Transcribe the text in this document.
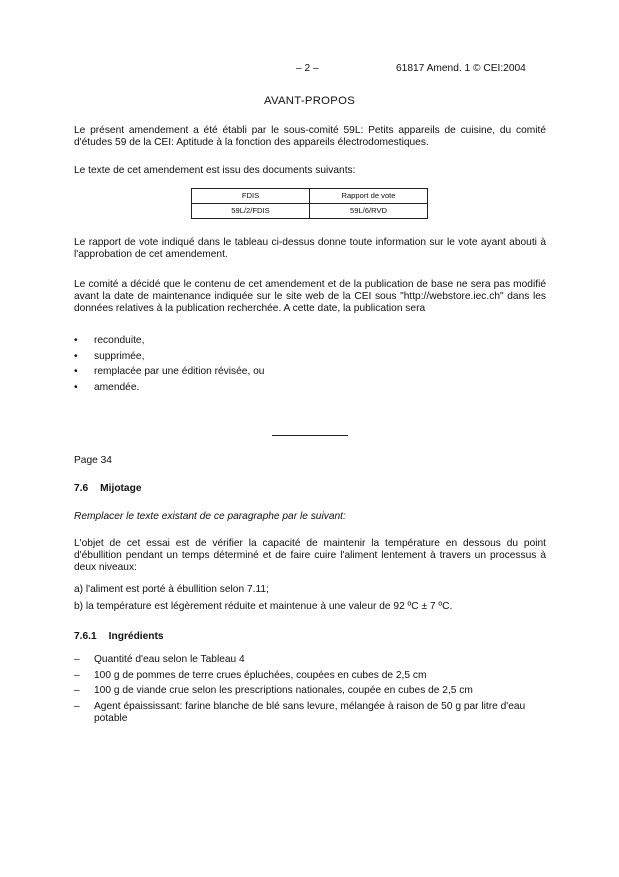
– 2 –	61817 Amend. 1 © CEI:2004
AVANT-PROPOS
Le présent amendement a été établi par le sous-comité 59L: Petits appareils de cuisine, du comité d'études 59 de la CEI: Aptitude à la fonction des appareils électrodomestiques.
Le texte de cet amendement est issu des documents suivants:
FDIS	Rapport de vote
59L/2/FDIS	59L/6/RVD
Le rapport de vote indiqué dans le tableau ci-dessus donne toute information sur le vote ayant abouti à l'approbation de cet amendement.
Le comité a décidé que le contenu de cet amendement et de la publication de base ne sera pas modifié avant la date de maintenance indiquée sur le site web de la CEI sous "http://webstore.iec.ch" dans les données relatives à la publication recherchée. A cette date, la publication sera
• reconduite,
• supprimée,
• remplacée par une édition révisée, ou
• amendée.
Page 34
7.6 Mijotage
Remplacer le texte existant de ce paragraphe par le suivant:
L'objet de cet essai est de vérifier la capacité de maintenir la température en dessous du point d'ébullition pendant un temps déterminé et de faire cuire l'aliment lentement à travers un processus à deux niveaux:
a) l'aliment est porté à ébullition selon 7.11;
b) la température est légèrement réduite et maintenue à une valeur de 92 ºC ± 7 ºC.
7.6.1 Ingrédients
– Quantité d'eau selon le Tableau 4
– 100 g de pommes de terre crues épluchées, coupées en cubes de 2,5 cm
– 100 g de viande crue selon les prescriptions nationales, coupée en cubes de 2,5 cm
– Agent épaississant: farine blanche de blé sans levure, mélangée à raison de 50 g par litre d'eau potable
